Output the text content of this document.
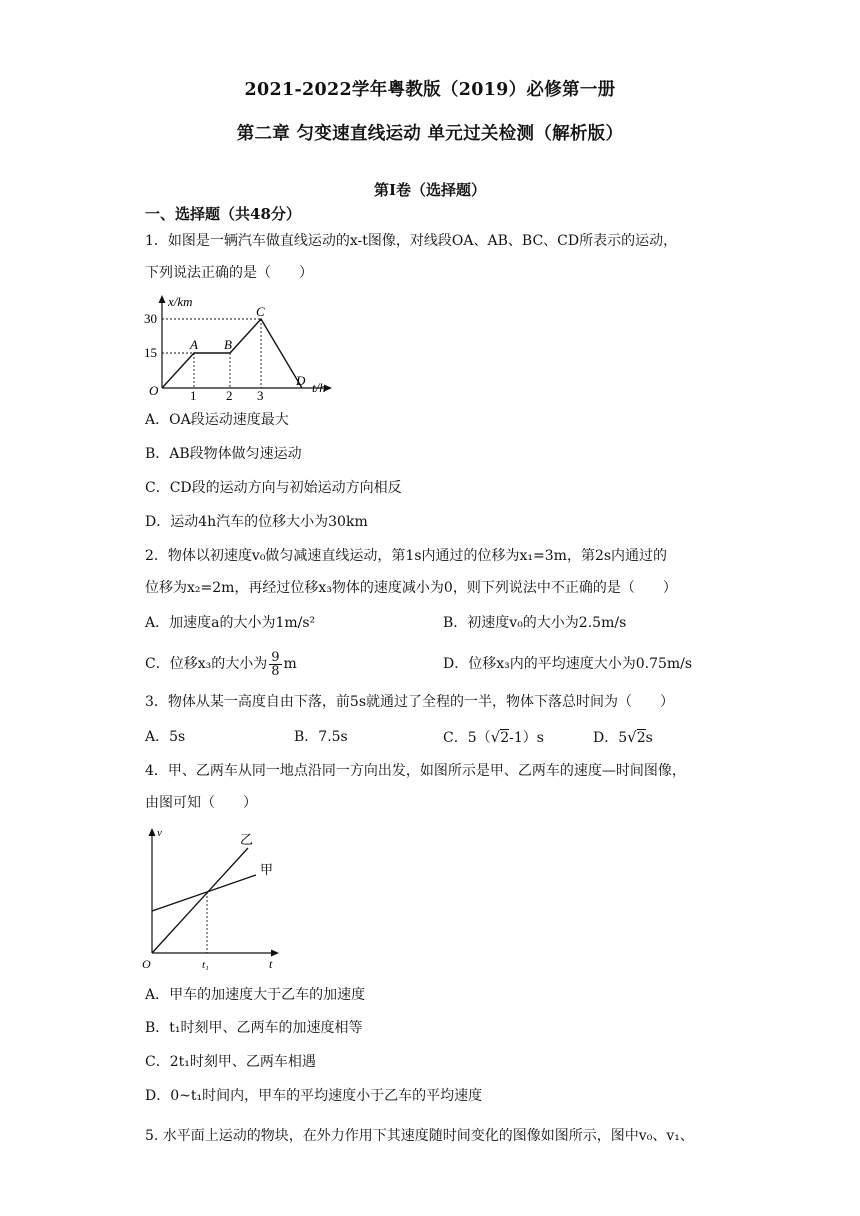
2021-2022学年粤教版（2019）必修第一册
第二章 匀变速直线运动 单元过关检测（解析版）
第Ⅰ卷（选择题）
一、选择题（共48分）
1．如图是一辆汽车做直线运动的x-t图像，对线段OA、AB、BC、CD所表示的运动，
下列说法正确的是（　　）
x/km
t/h
O
15
30
1 2 3
A B
C
D
A．OA段运动速度最大
B．AB段物体做匀速运动
C．CD段的运动方向与初始运动方向相反
D．运动4h汽车的位移大小为30km
2．物体以初速度v₀做匀减速直线运动，第1s内通过的位移为x₁=3m，第2s内通过的
位移为x₂=2m，再经过位移x₃物体的速度减小为0，则下列说法中不正确的是（　　）
A．加速度a的大小为1m/s²	B．初速度v₀的大小为2.5m/s
C．位移x₃的大小为 $\frac{9}{8}$ m	D．位移x₃内的平均速度大小为0.75m/s
3．物体从某一高度自由下落，前5s就通过了全程的一半，物体下落总时间为（　　）
A．5s	B．7.5s	C．5（√2-1）s	D．5√2s
4．甲、乙两车从同一地点沿同一方向出发，如图所示是甲、乙两车的速度—时间图像，
由图可知（　　）
v
t
O	t₁
乙
甲
A．甲车的加速度大于乙车的加速度
B．t₁时刻甲、乙两车的加速度相等
C．2t₁时刻甲、乙两车相遇
D．0~t₁时间内，甲车的平均速度小于乙车的平均速度
5. 水平面上运动的物块，在外力作用下其速度随时间变化的图像如图所示，图中v₀、v₁、
